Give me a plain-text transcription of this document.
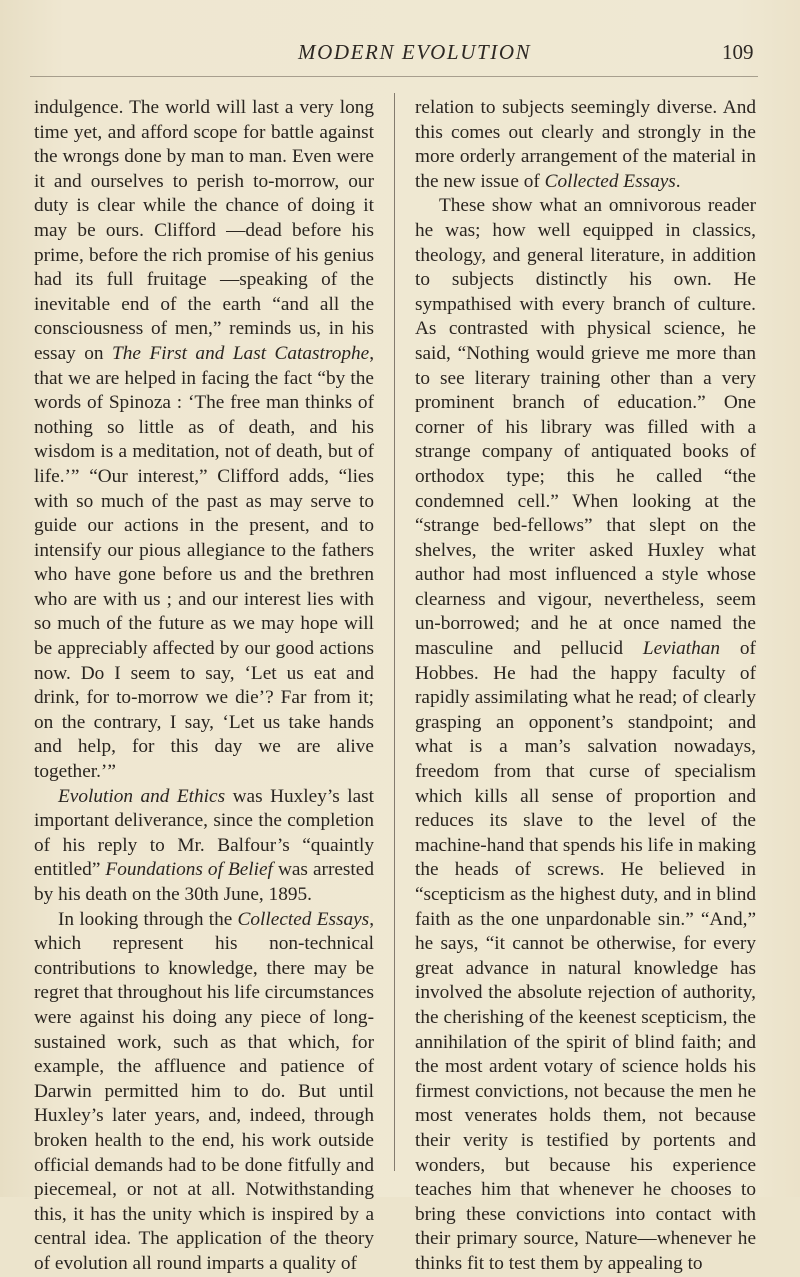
MODERN EVOLUTION	109

indulgence. The world will last a very long time yet, and afford scope for battle against the wrongs done by man to man. Even were it and ourselves to perish to-morrow, our duty is clear while the chance of doing it may be ours. Clifford —dead before his prime, before the rich promise of his genius had its full fruitage —speaking of the inevitable end of the earth “and all the consciousness of men,” reminds us, in his essay on The First and Last Catastrophe, that we are helped in facing the fact “by the words of Spinoza : ‘The free man thinks of nothing so little as of death, and his wisdom is a meditation, not of death, but of life.’” “Our interest,” Clifford adds, “lies with so much of the past as may serve to guide our actions in the present, and to intensify our pious allegiance to the fathers who have gone before us and the brethren who are with us ; and our interest lies with so much of the future as we may hope will be appreciably affected by our good actions now. Do I seem to say, ‘Let us eat and drink, for to-morrow we die’? Far from it; on the contrary, I say, ‘Let us take hands and help, for this day we are alive together.’”

Evolution and Ethics was Huxley’s last important deliverance, since the completion of his reply to Mr. Balfour’s “quaintly entitled” Foundations of Belief was arrested by his death on the 30th June, 1895.

In looking through the Collected Essays, which represent his non-technical contributions to knowledge, there may be regret that throughout his life circumstances were against his doing any piece of long-sustained work, such as that which, for example, the affluence and patience of Darwin permitted him to do. But until Huxley’s later years, and, indeed, through broken health to the end, his work outside official demands had to be done fitfully and piecemeal, or not at all. Notwithstanding this, it has the unity which is inspired by a central idea. The application of the theory of evolution all round imparts a quality of

relation to subjects seemingly diverse. And this comes out clearly and strongly in the more orderly arrangement of the material in the new issue of Collected Essays.

These show what an omnivorous reader he was; how well equipped in classics, theology, and general literature, in addition to subjects distinctly his own. He sympathised with every branch of culture. As contrasted with physical science, he said, “Nothing would grieve me more than to see literary training other than a very prominent branch of education.” One corner of his library was filled with a strange company of antiquated books of orthodox type; this he called “the condemned cell.” When looking at the “strange bed-fellows” that slept on the shelves, the writer asked Huxley what author had most influenced a style whose clearness and vigour, nevertheless, seem un-borrowed; and he at once named the masculine and pellucid Leviathan of Hobbes. He had the happy faculty of rapidly assimilating what he read; of clearly grasping an opponent’s standpoint; and what is a man’s salvation nowadays, freedom from that curse of specialism which kills all sense of proportion and reduces its slave to the level of the machine-hand that spends his life in making the heads of screws. He believed in “scepticism as the highest duty, and in blind faith as the one unpardonable sin.” “And,” he says, “it cannot be otherwise, for every great advance in natural knowledge has involved the absolute rejection of authority, the cherishing of the keenest scepticism, the annihilation of the spirit of blind faith; and the most ardent votary of science holds his firmest convictions, not because the men he most venerates holds them, not because their verity is testified by portents and wonders, but because his experience teaches him that whenever he chooses to bring these convictions into contact with their primary source, Nature—whenever he thinks fit to test them by appealing to
